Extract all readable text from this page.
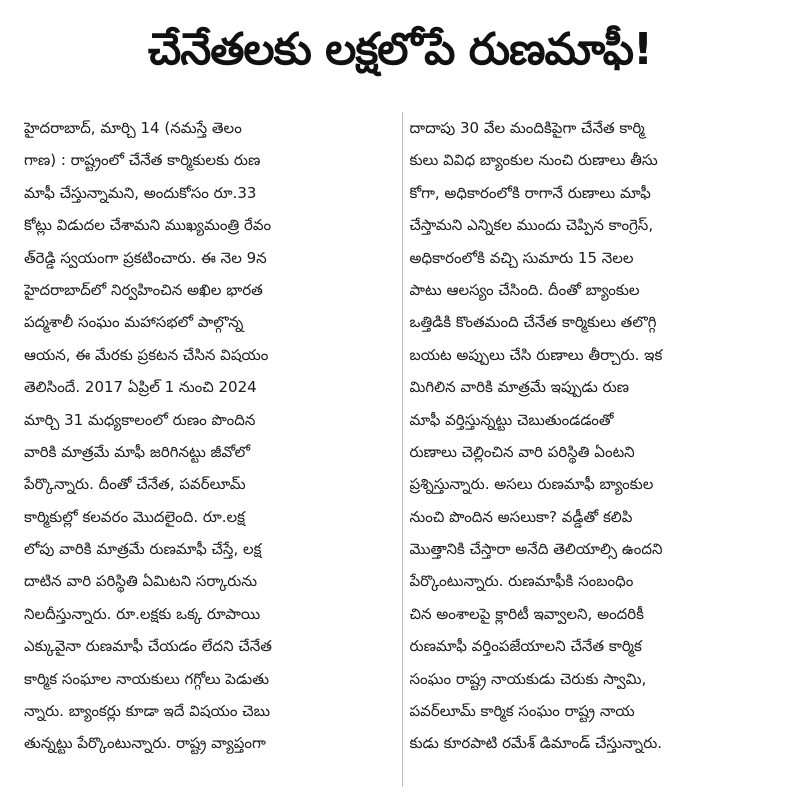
చేనేతలకు లక్షలోపే రుణమాఫీ!
హైదరాబాద్, మార్చి 14 (నమస్తే తెలం
గాణ) : రాష్ట్రంలో చేనేత కార్మికులకు రుణ
మాఫీ చేస్తున్నామని, అందుకోసం రూ.33
కోట్లు విడుదల చేశామని ముఖ్యమంత్రి రేవం
త్‌రెడ్డి స్వయంగా ప్రకటించారు. ఈ నెల 9న
హైదరాబాద్‌లో నిర్వహించిన అఖిల భారత
పద్మశాలీ సంఘం మహాసభలో పాల్గొన్న
ఆయన, ఈ మేరకు ప్రకటన చేసిన విషయం
తెలిసిందే. 2017 ఏప్రిల్ 1 నుంచి 2024
మార్చి 31 మధ్యకాలంలో రుణం పొందిన
వారికి మాత్రమే మాఫీ జరిగినట్టు జీవోలో
పేర్కొన్నారు. దీంతో చేనేత, పవర్‌లూమ్
కార్మికుల్లో కలవరం మొదలైంది. రూ.లక్ష
లోపు వారికి మాత్రమే రుణమాఫీ చేస్తే, లక్ష
దాటిన వారి పరిస్థితి ఏమిటని సర్కారును
నిలదీస్తున్నారు. రూ.లక్షకు ఒక్క రూపాయి
ఎక్కువైనా రుణమాఫీ చేయడం లేదని చేనేత
కార్మిక సంఘాల నాయకులు గగ్గోలు పెడుతు
న్నారు. బ్యాంకర్లు కూడా ఇదే విషయం చెబు
తున్నట్టు పేర్కొంటున్నారు. రాష్ట్ర వ్యాప్తంగా
దాదాపు 30 వేల మందికిపైగా చేనేత కార్మి
కులు వివిధ బ్యాంకుల నుంచి రుణాలు తీసు
కోగా, అధికారంలోకి రాగానే రుణాలు మాఫీ
చేస్తామని ఎన్నికల ముందు చెప్పిన కాంగ్రెస్,
అధికారంలోకి వచ్చి సుమారు 15 నెలల
పాటు ఆలస్యం చేసింది. దీంతో బ్యాంకుల
ఒత్తిడికి కొంతమంది చేనేత కార్మికులు తలొగ్గి
బయట అప్పులు చేసి రుణాలు తీర్చారు. ఇక
మిగిలిన వారికి మాత్రమే ఇప్పుడు రుణ
మాఫీ వర్తిస్తున్నట్టు చెబుతుండడంతో
రుణాలు చెల్లించిన వారి పరిస్థితి ఏంటని
ప్రశ్నిస్తున్నారు. అసలు రుణమాఫీ బ్యాంకుల
నుంచి పొందిన అసలుకా? వడ్డీతో కలిపి
మొత్తానికి చేస్తారా అనేది తెలియాల్సి ఉందని
పేర్కొంటున్నారు. రుణమాఫీకి సంబంధిం
చిన అంశాలపై క్లారిటీ ఇవ్వాలని, అందరికీ
రుణమాఫీ వర్తింపజేయాలని చేనేత కార్మిక
సంఘం రాష్ట్ర నాయకుడు చెరుకు స్వామి,
పవర్‌లూమ్ కార్మిక సంఘం రాష్ట్ర నాయ
కుడు కూరపాటి రమేశ్ డిమాండ్ చేస్తున్నారు.
